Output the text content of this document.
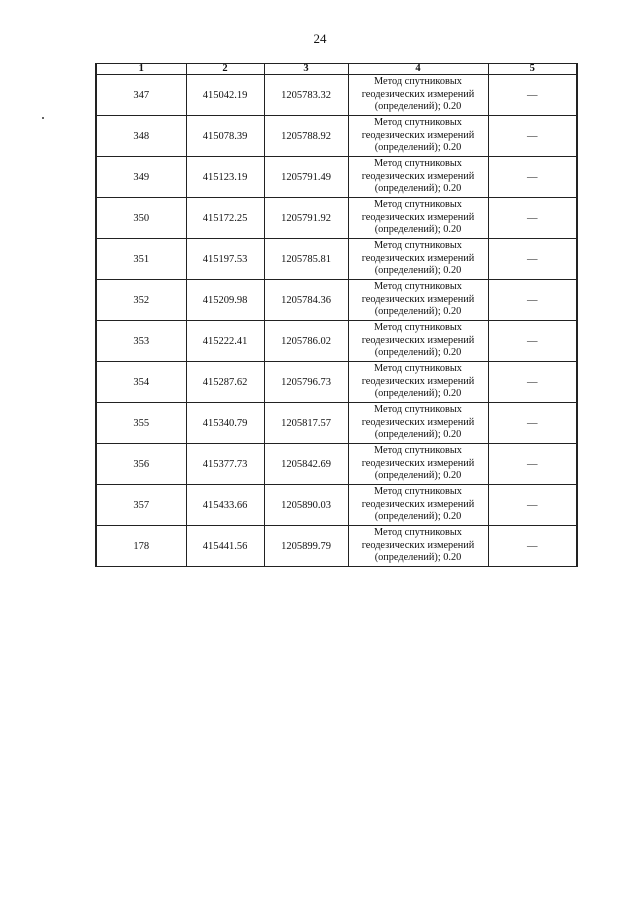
24
1	2	3	4	5
347	415042.19	1205783.32	Метод спутниковых
геодезических измерений
(определений); 0.20	—
348	415078.39	1205788.92	Метод спутниковых
геодезических измерений
(определений); 0.20	—
349	415123.19	1205791.49	Метод спутниковых
геодезических измерений
(определений); 0.20	—
350	415172.25	1205791.92	Метод спутниковых
геодезических измерений
(определений); 0.20	—
351	415197.53	1205785.81	Метод спутниковых
геодезических измерений
(определений); 0.20	—
352	415209.98	1205784.36	Метод спутниковых
геодезических измерений
(определений); 0.20	—
353	415222.41	1205786.02	Метод спутниковых
геодезических измерений
(определений); 0.20	—
354	415287.62	1205796.73	Метод спутниковых
геодезических измерений
(определений); 0.20	—
355	415340.79	1205817.57	Метод спутниковых
геодезических измерений
(определений); 0.20	—
356	415377.73	1205842.69	Метод спутниковых
геодезических измерений
(определений); 0.20	—
357	415433.66	1205890.03	Метод спутниковых
геодезических измерений
(определений); 0.20	—
178	415441.56	1205899.79	Метод спутниковых
геодезических измерений
(определений); 0.20	—
